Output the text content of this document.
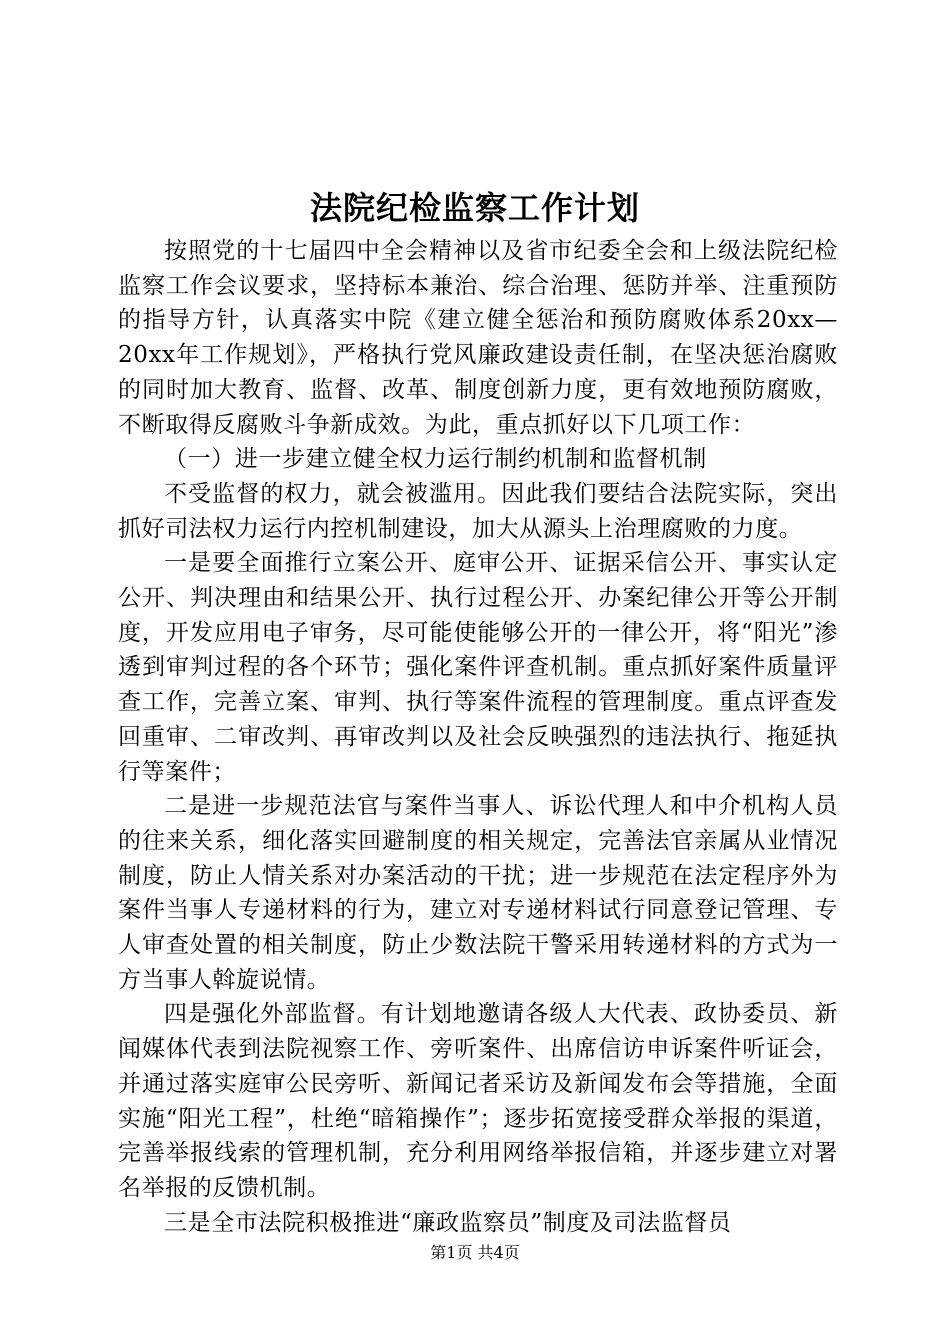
法院纪检监察工作计划

按照党的十七届四中全会精神以及省市纪委全会和上级法院纪检监察工作会议要求，坚持标本兼治、综合治理、惩防并举、注重预防的指导方针，认真落实中院《建立健全惩治和预防腐败体系20xx—20xx年工作规划》，严格执行党风廉政建设责任制，在坚决惩治腐败的同时加大教育、监督、改革、制度创新力度，更有效地预防腐败，不断取得反腐败斗争新成效。为此，重点抓好以下几项工作：

（一）进一步建立健全权力运行制约机制和监督机制

不受监督的权力，就会被滥用。因此我们要结合法院实际，突出抓好司法权力运行内控机制建设，加大从源头上治理腐败的力度。

一是要全面推行立案公开、庭审公开、证据采信公开、事实认定公开、判决理由和结果公开、执行过程公开、办案纪律公开等公开制度，开发应用电子审务，尽可能使能够公开的一律公开，将“阳光”渗透到审判过程的各个环节；强化案件评查机制。重点抓好案件质量评查工作，完善立案、审判、执行等案件流程的管理制度。重点评查发回重审、二审改判、再审改判以及社会反映强烈的违法执行、拖延执行等案件；

二是进一步规范法官与案件当事人、诉讼代理人和中介机构人员的往来关系，细化落实回避制度的相关规定，完善法官亲属从业情况制度，防止人情关系对办案活动的干扰；进一步规范在法定程序外为案件当事人专递材料的行为，建立对专递材料试行同意登记管理、专人审查处置的相关制度，防止少数法院干警采用转递材料的方式为一方当事人斡旋说情。

四是强化外部监督。有计划地邀请各级人大代表、政协委员、新闻媒体代表到法院视察工作、旁听案件、出席信访申诉案件听证会，并通过落实庭审公民旁听、新闻记者采访及新闻发布会等措施，全面实施“阳光工程”，杜绝“暗箱操作”；逐步拓宽接受群众举报的渠道，完善举报线索的管理机制，充分利用网络举报信箱，并逐步建立对署名举报的反馈机制。

三是全市法院积极推进“廉政监察员”制度及司法监督员

第1页 共4页
